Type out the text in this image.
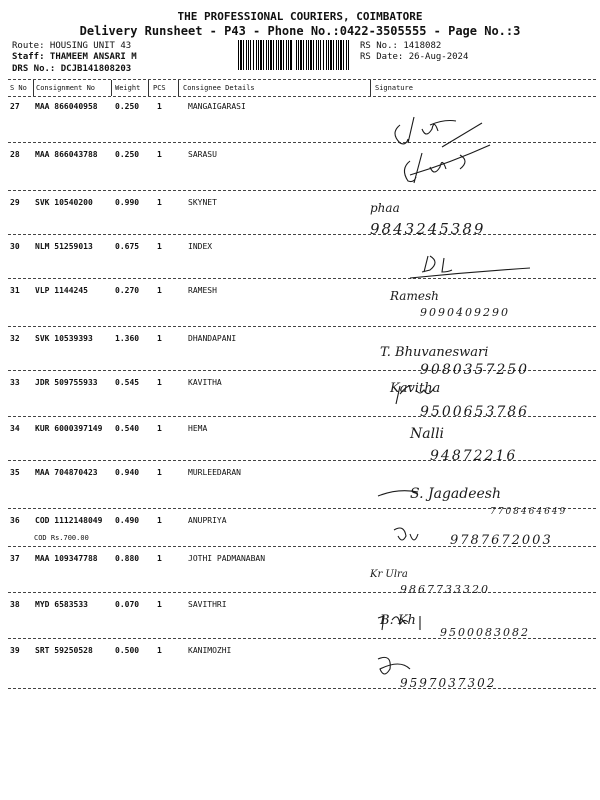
THE PROFESSIONAL COURIERS, COIMBATORE
Delivery Runsheet - P43 - Phone No.:0422-3505555 - Page No.:3
Route: HOUSING UNIT 43
Staff: THAMEEM ANSARI M
DRS No.: DCJB141808203
RS No.: 1418082
RS Date: 26-Aug-2024
S No Consignment No	Weight PCS Consignee Details	Signature
27 MAA 866040958 0.250 1	MANGAIGARASI
28 MAA 866043788 0.250 1	SARASU
29 SVK 10540200	0.990 1	SKYNET	phaa
9843245389
30 NLM 51259013	0.675 1	INDEX
31 VLP 1144245	0.270 1	RAMESH	Ramesh
9090409290
32 SVK 10539393	1.360 1	DHANDAPANI
T. Bhuvaneswari
9080357250
33 JDR 509755933 0.545 1	KAVITHA	Kavitha
9500653786
34 KUR 6000397149 0.540 1	HEMA	Nalli
94872216
35 MAA 704870423 0.940 1	MURLEEDARAN
S. Jagadeesh
7708464649
36 COD 1112148049 0.490 1	ANUPRIYA
COD Rs.700.00	9787672003
37 MAA 109347788 0.880 1	JOTHI PADMANABAN
Kr Ulra
9867733320
38 MYD 6583533	0.070 1	SAVITHRI
B. Kh
9500083082
39 SRT 59250528	0.500 1	KANIMOZHI
9597037302
